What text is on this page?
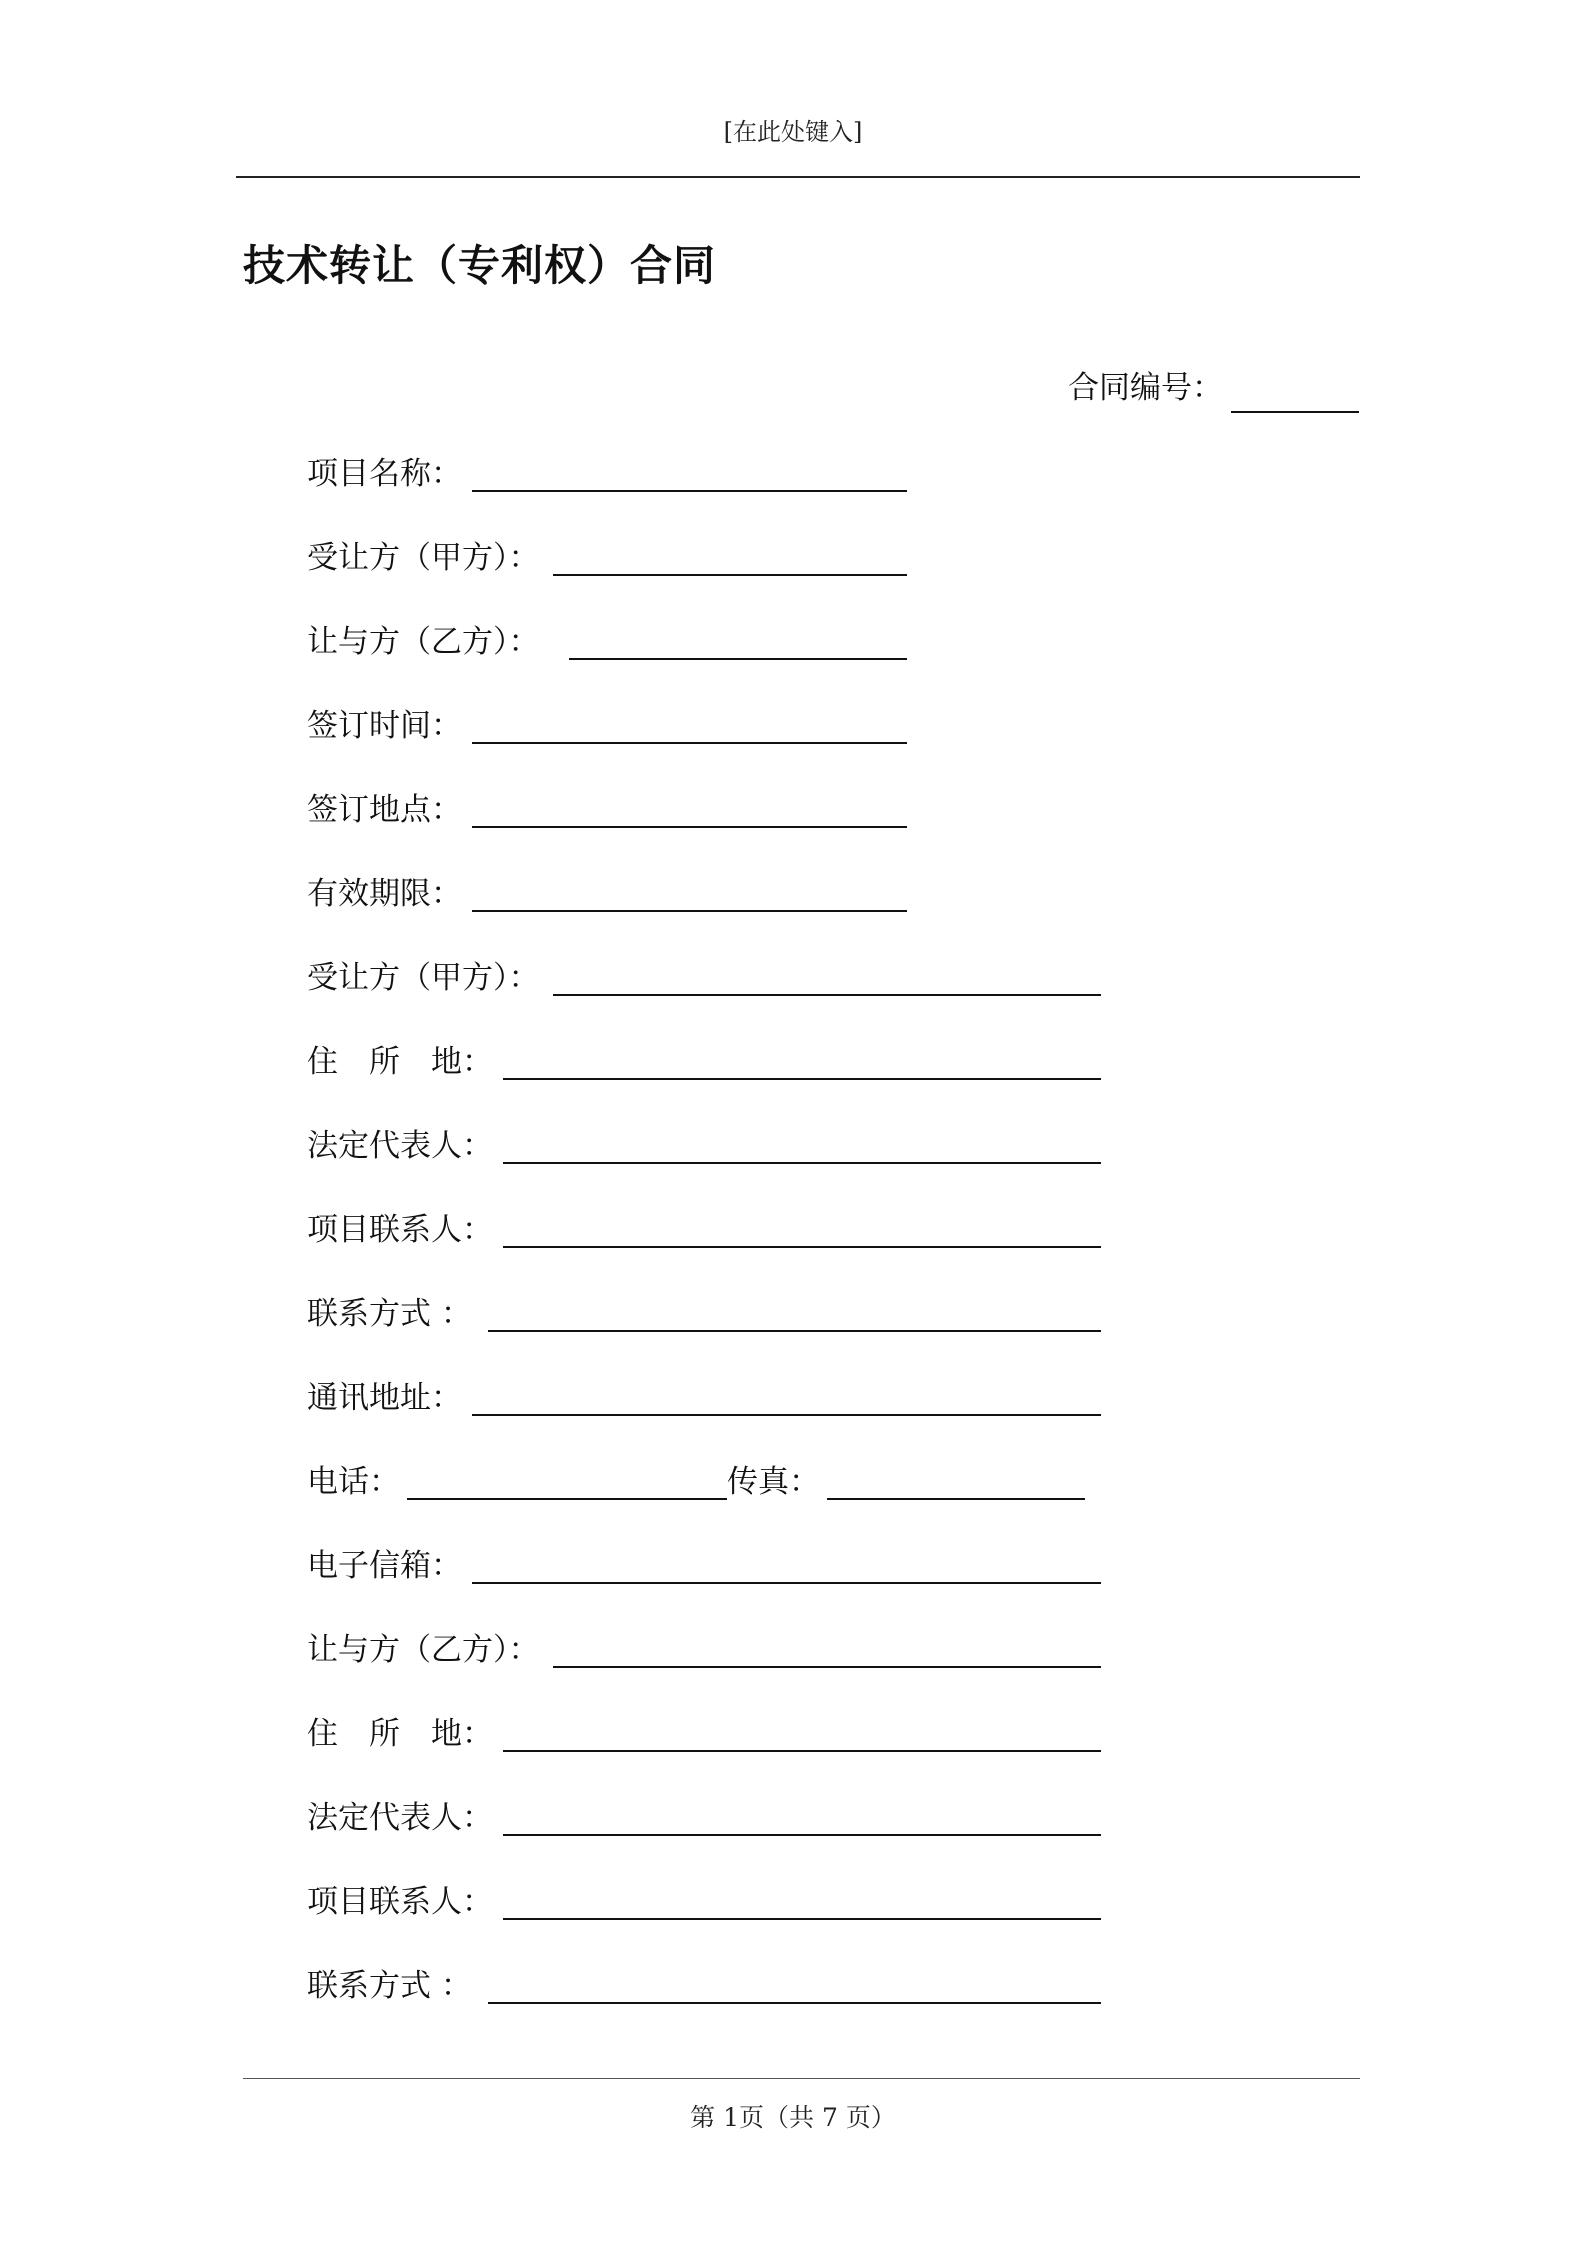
[在此处键入]
技术转让（专利权）合同
合同编号：
项目名称：
受让方（甲方）：
让与方（乙方）：
签订时间：
签订地点：
有效期限：
受让方（甲方）：
住　所　地：
法定代表人：
项目联系人：
联系方式 ：
通讯地址：
电话：	传真：
电子信箱：
让与方（乙方）：
住　所　地：
法定代表人：
项目联系人：
联系方式 ：
第 1页（共 7 页）
